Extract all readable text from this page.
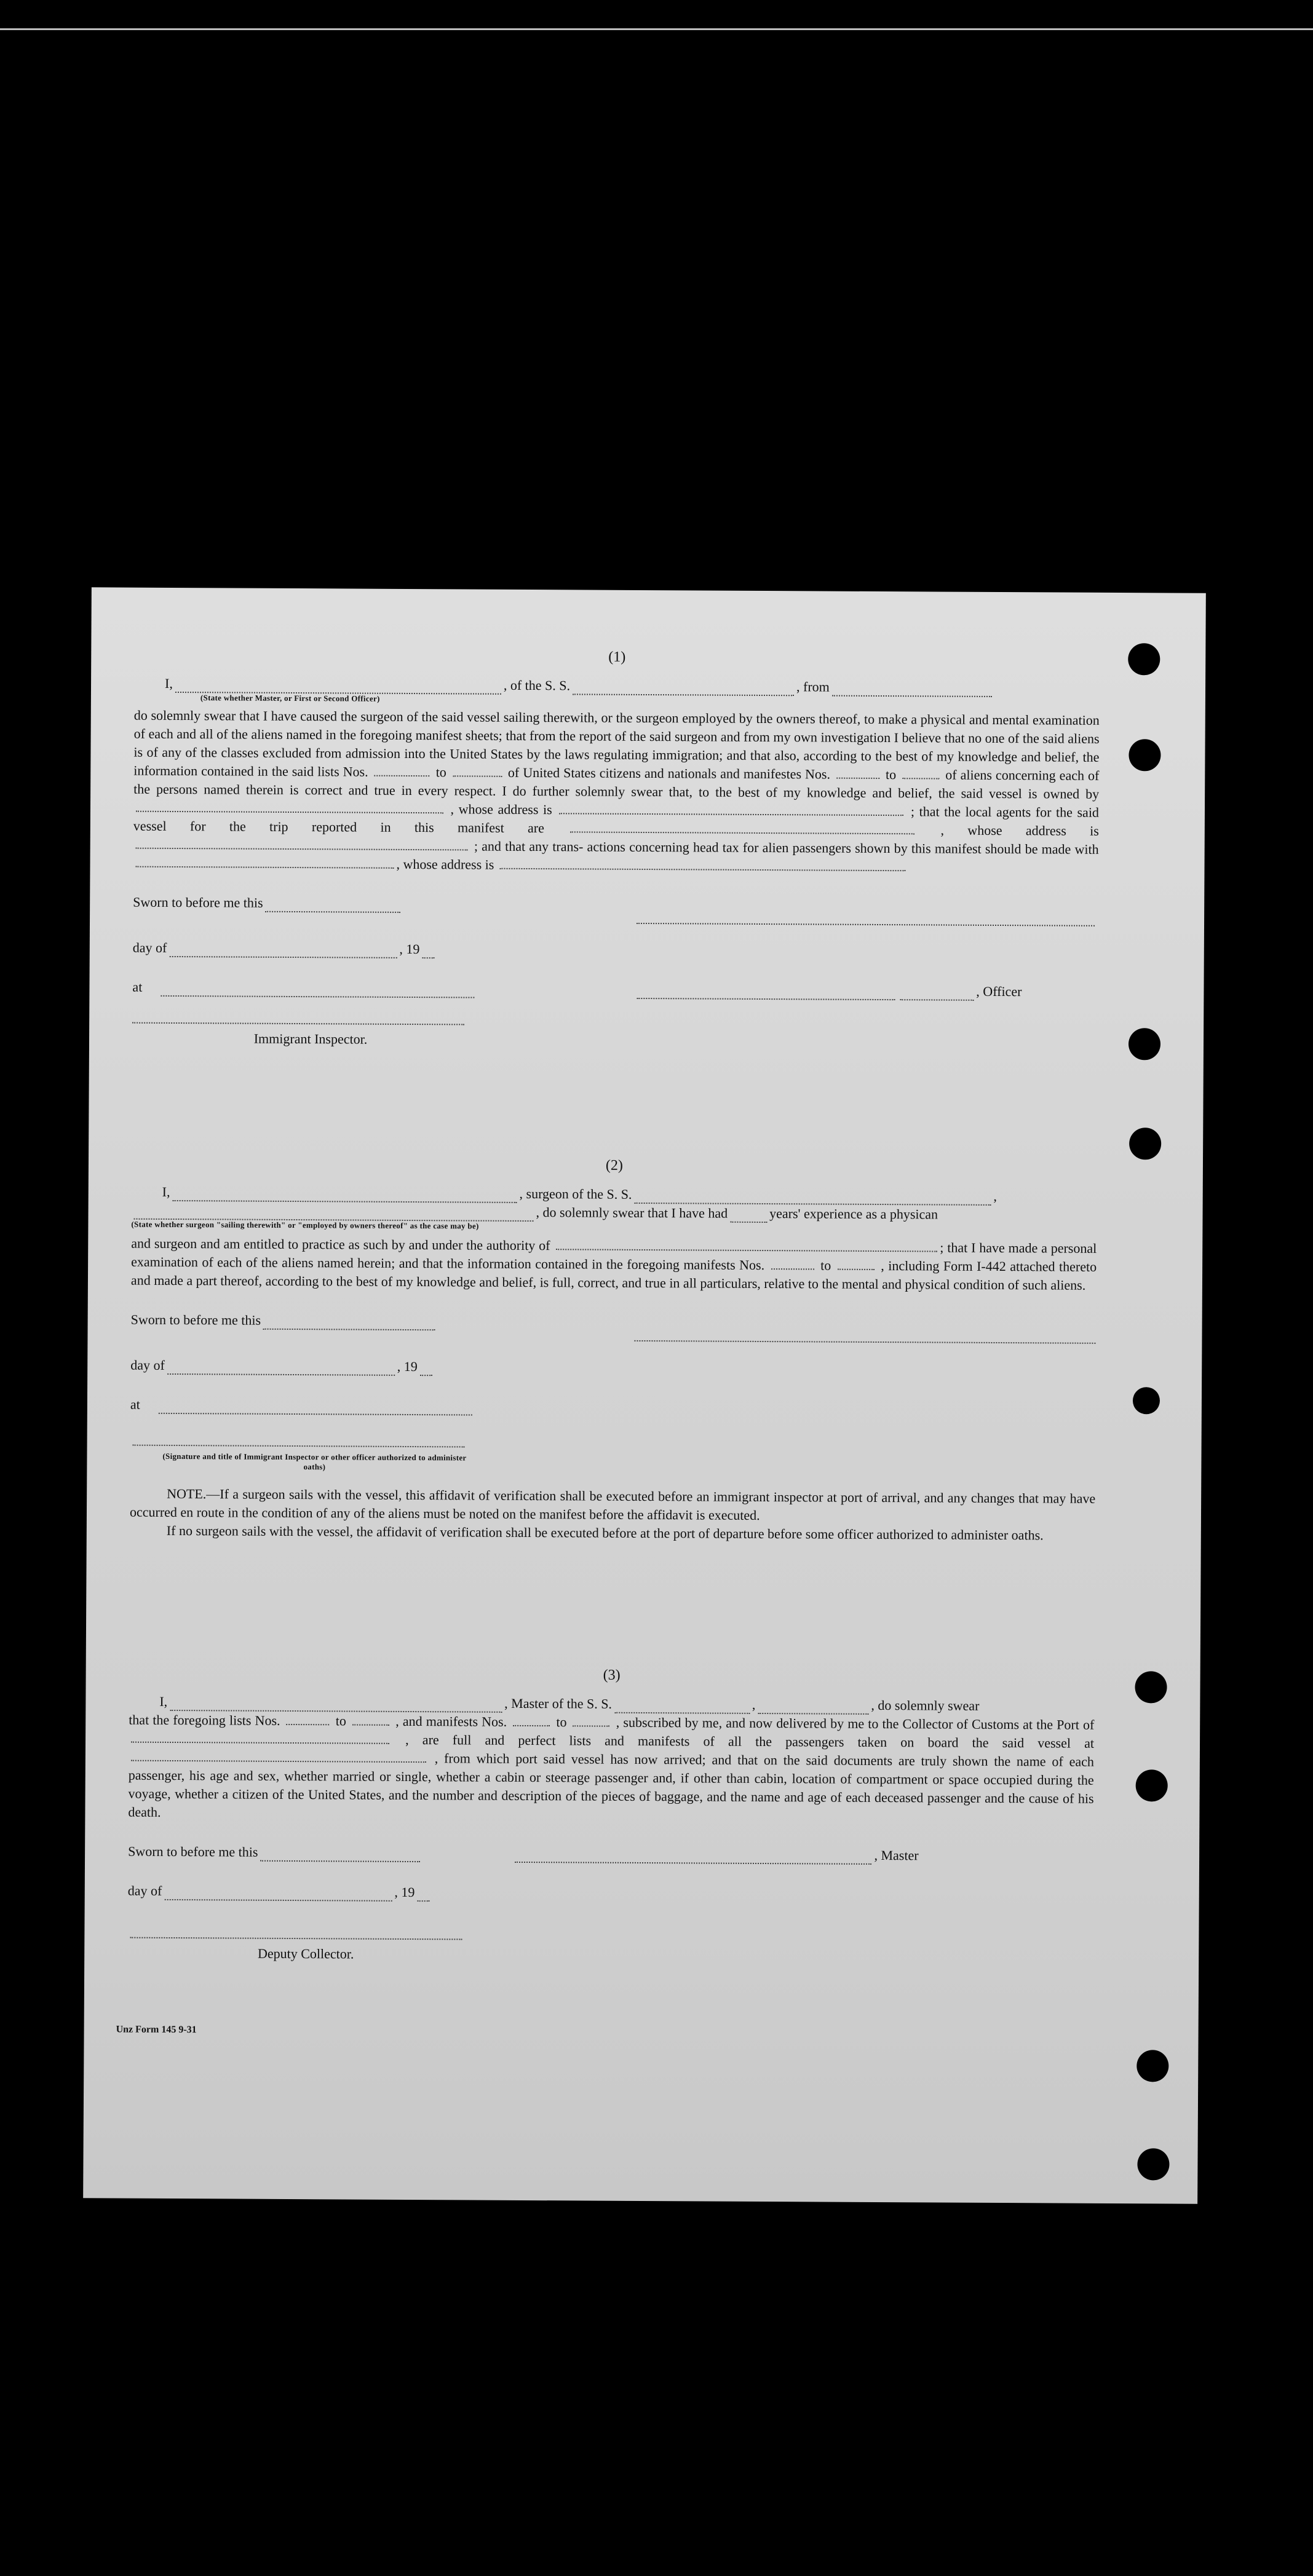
(1)
I,	, of the S. S.	, from
(State whether Master, or First or Second Officer)

do solemnly swear that I have caused the surgeon of the said vessel sailing therewith, or the surgeon employed by the owners thereof, to make a physical and mental examination of each and all of the aliens named in the foregoing manifest sheets; that from the report of the said surgeon and from my own investigation I believe that no one of the said aliens is of any of the classes excluded from admission into the United States by the laws regulating immigration; and that also, according to the best of my knowledge and belief, the information contained in the said lists Nos.	to	of United States citizens and nationals and manifestes Nos.	to	of aliens concerning each of the persons named therein is correct and true in every respect. I do further solemnly swear that, to the best of my knowledge and belief, the said vessel is owned by  , whose address is	; that the local agents for the said vessel for the trip reported in this manifest are	, whose address is  ; and that any trans- actions concerning head tax for alien passengers shown by this manifest should be made with , whose address is

Sworn to before me this
day of	, 19
at	, Officer
Immigrant Inspector.
(2)
I,	, surgeon of the S. S.	,
, do solemnly swear that I have had	years' experience as a physican
(State whether surgeon "sailing therewith" or "employed by owners thereof" as the case may be)

and surgeon and am entitled to practice as such by and under the authority of	; that I have made a personal examination of each of the aliens named herein; and that the information contained in the foregoing manifests Nos.	to	, including Form I-442 attached thereto and made a part thereof, according to the best of my knowledge and belief, is full, correct, and true in all particulars, relative to the mental and physical condition of such aliens.

Sworn to before me this
day of	, 19
at
(Signature and title of Immigrant Inspector or other officer authorized to administer oaths)

NOTE.—If a surgeon sails with the vessel, this affidavit of verification shall be executed before an immigrant inspector at port of arrival, and any changes that may have occurred en route in the condition of any of the aliens must be noted on the manifest before the affidavit is executed.

If no surgeon sails with the vessel, the affidavit of verification shall be executed before at the port of departure before some officer authorized to administer oaths.

(3)
I,	, Master of the S. S.	,	, do solemnly swear

that the foregoing lists Nos.	to	, and manifests Nos.	to	, subscribed by me, and now delivered by me to the Collector of Customs at the Port of  , are full and perfect lists and manifests of all the passengers taken on board the said vessel at  , from which port said vessel has now arrived; and that on the said documents are truly shown the name of each passenger, his age and sex, whether married or single, whether a cabin or steerage passenger and, if other than cabin, location of compartment or space occupied during the voyage, whether a citizen of the United States, and the number and description of the pieces of baggage, and the name and age of each deceased passenger and the cause of his death.

Sworn to before me this	, Master
day of	, 19
Deputy Collector.
Unz Form 145 9-31
